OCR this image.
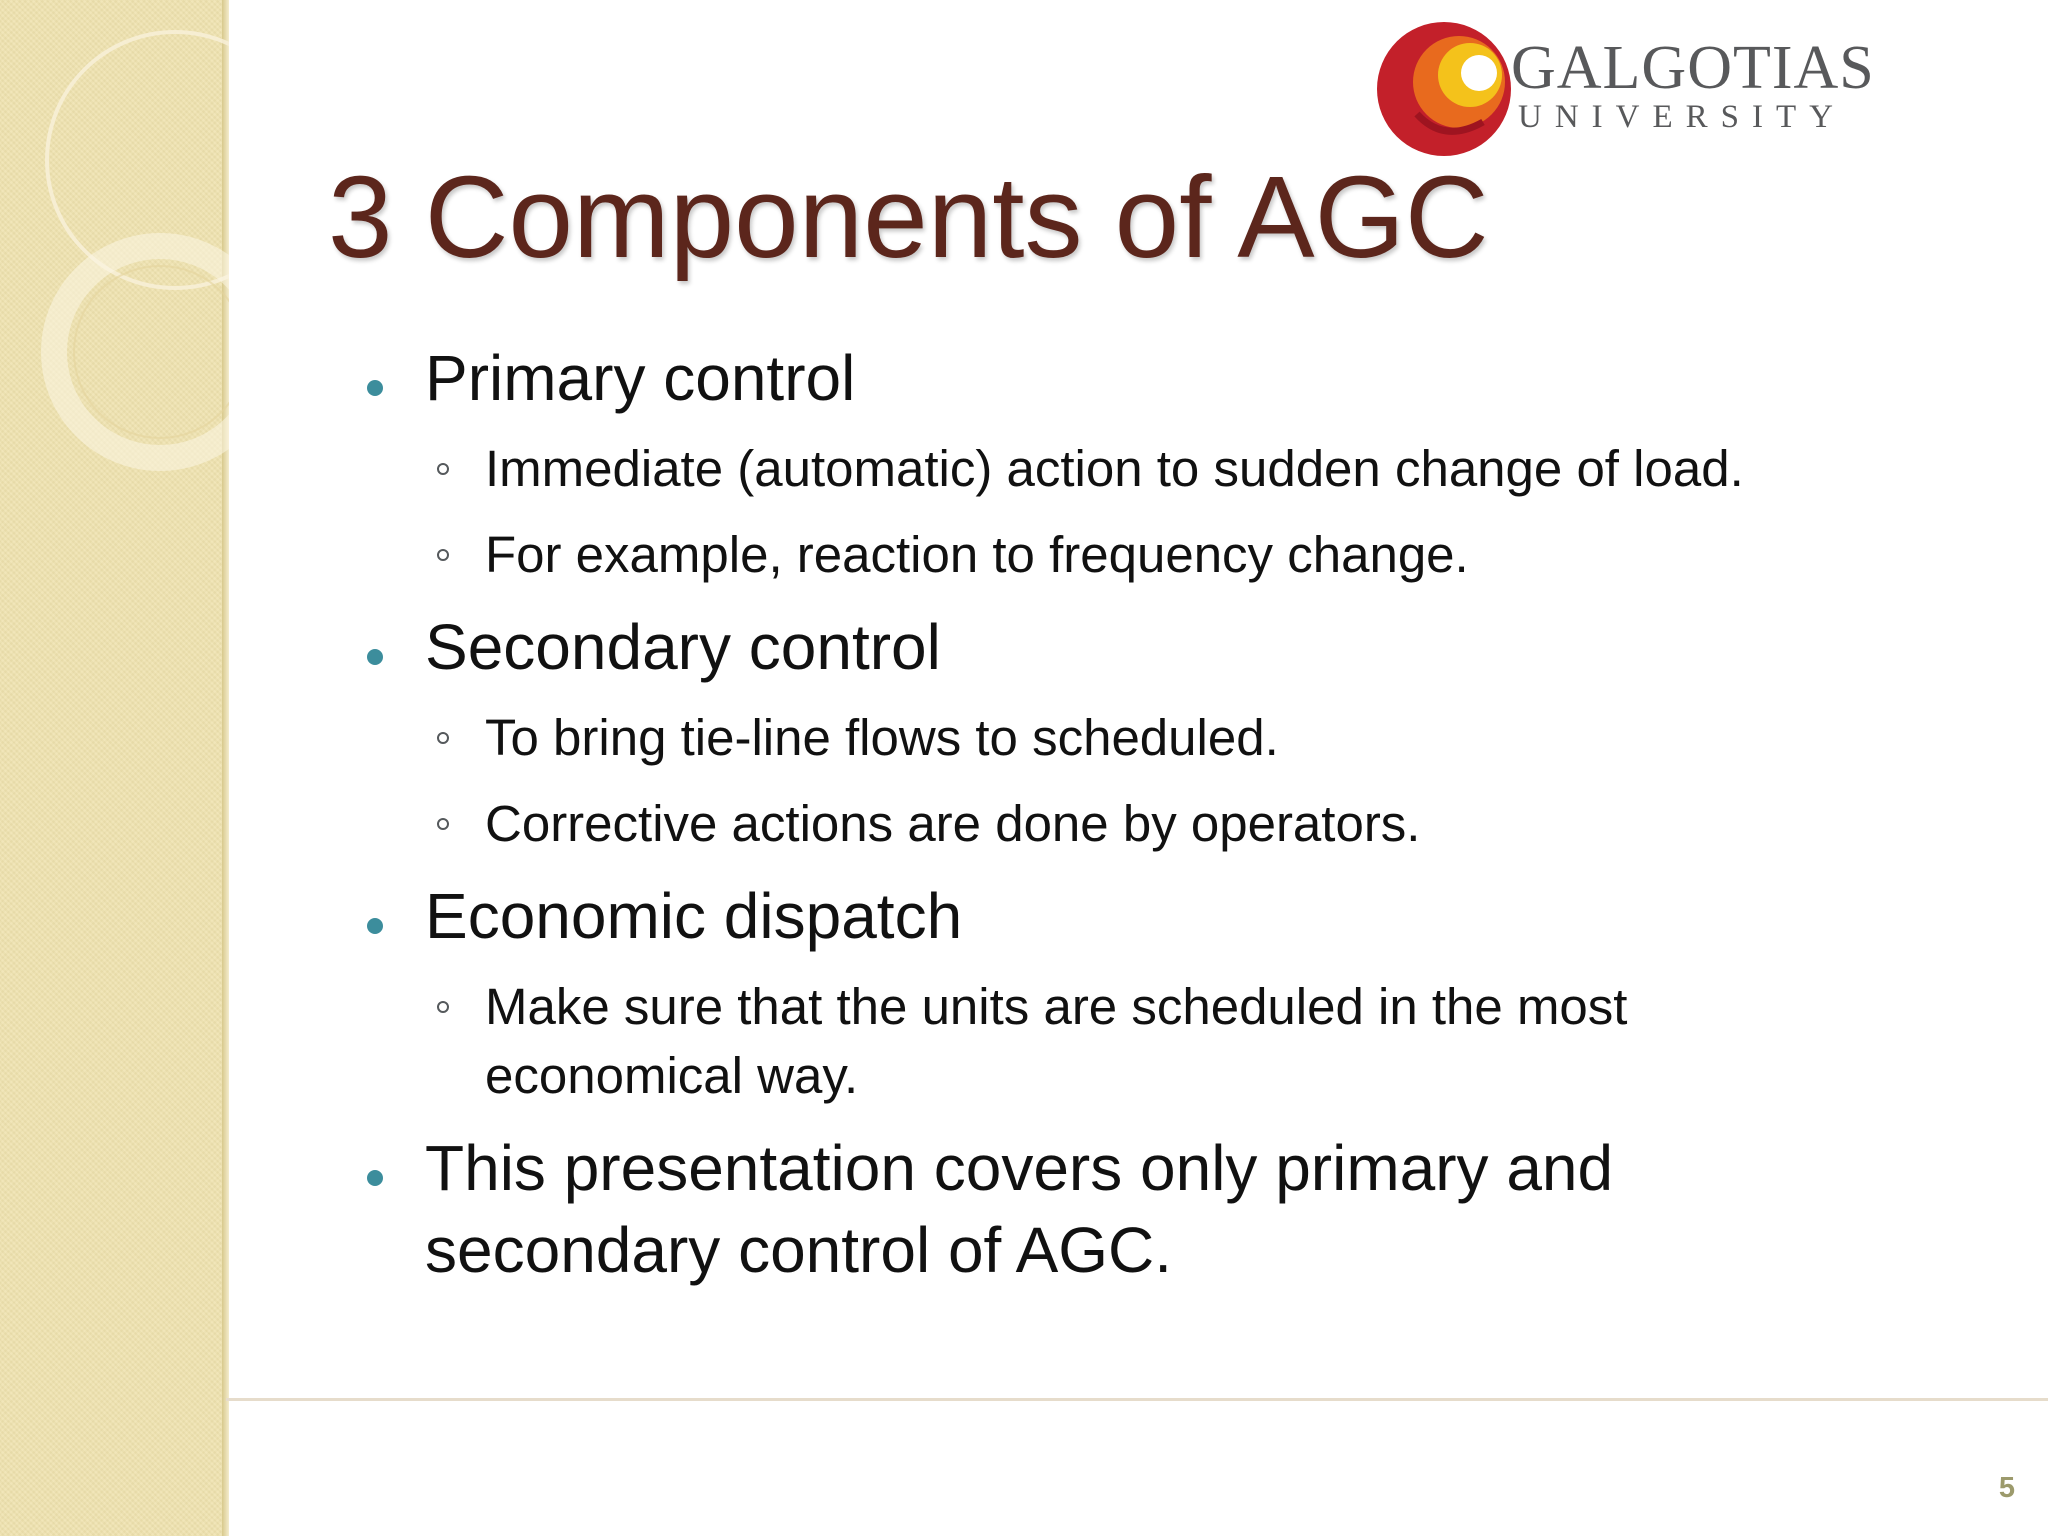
GALGOTIAS
UNIVERSITY
3 Components of AGC
Primary control
Immediate (automatic) action to sudden change of load.
For example, reaction to frequency change.
Secondary control
To bring tie-line flows to scheduled.
Corrective actions are done by operators.
Economic dispatch
Make sure that the units are scheduled in the most
economical way.
This presentation covers only primary and
secondary control of AGC.
5
